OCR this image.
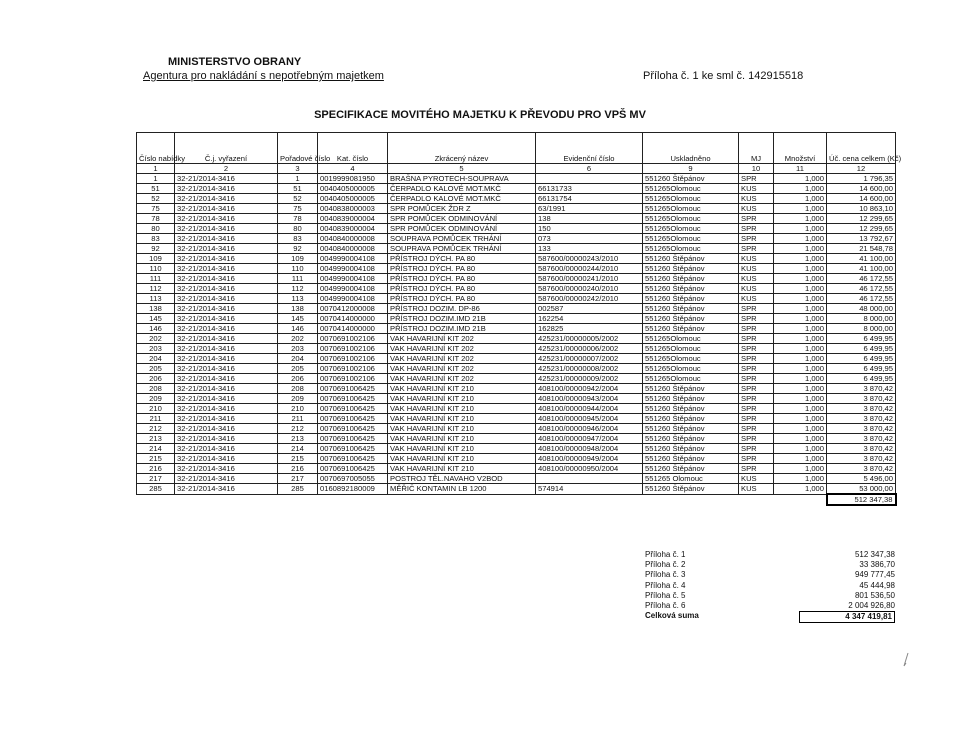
MINISTERSTVO OBRANY
Agentura pro nakládání s nepotřebným majetkem	Příloha č. 1 ke sml č. 142915518
SPECIFIKACE MOVITÉHO MAJETKU K PŘEVODU PRO VPŠ MV
Číslo nabídky	Č.j. vyřazení	Pořadové číslo	Kat. číslo	Zkrácený název	Evidenční číslo	Uskladněno	MJ	Množství	Úč. cena celkem (Kč)
1	2	3	4	5	6	9	10	11	12
1	32-21/2014-3416	1	0019999081950	BRAŠNA PYROTECH-SOUPRAVA		551260 Štěpánov	SPR	1,000	1 796,35
51	32-21/2014-3416	51	0040405000005	ČERPADLO KALOVÉ MOT.MKČ	66131733	551265Olomouc	KUS	1,000	14 600,00
52	32-21/2014-3416	52	0040405000005	ČERPADLO KALOVÉ MOT.MKČ	66131754	551265Olomouc	KUS	1,000	14 600,00
75	32-21/2014-3416	75	0040838000003	SPR POMŮCEK ŽDR Z	63/1991	551265Olomouc	KUS	1,000	10 863,10
78	32-21/2014-3416	78	0040839000004	SPR POMŮCEK ODMINOVÁNÍ	138	551265Olomouc	SPR	1,000	12 299,65
80	32-21/2014-3416	80	0040839000004	SPR POMŮCEK ODMINOVÁNÍ	150	551265Olomouc	SPR	1,000	12 299,65
83	32-21/2014-3416	83	0040840000008	SOUPRAVA POMŮCEK TRHÁNÍ	073	551265Olomouc	SPR	1,000	13 792,67
92	32-21/2014-3416	92	0040840000008	SOUPRAVA POMŮCEK TRHÁNÍ	133	551265Olomouc	SPR	1,000	21 548,78
109	32-21/2014-3416	109	0049990004108	PŘÍSTROJ DÝCH. PA 80	587600/00000243/2010	551260 Štěpánov	KUS	1,000	41 100,00
110	32-21/2014-3416	110	0049990004108	PŘÍSTROJ DÝCH. PA 80	587600/00000244/2010	551260 Štěpánov	KUS	1,000	41 100,00
111	32-21/2014-3416	111	0049990004108	PŘÍSTROJ DÝCH. PA 80	587600/00000241/2010	551260 Štěpánov	KUS	1,000	46 172,55
112	32-21/2014-3416	112	0049990004108	PŘÍSTROJ DÝCH. PA 80	587600/00000240/2010	551260 Štěpánov	KUS	1,000	46 172,55
113	32-21/2014-3416	113	0049990004108	PŘÍSTROJ DÝCH. PA 80	587600/00000242/2010	551260 Štěpánov	KUS	1,000	46 172,55
138	32-21/2014-3416	138	0070412000008	PŘÍSTROJ DOZIM. DP-86	002587	551260 Štěpánov	SPR	1,000	48 000,00
145	32-21/2014-3416	145	0070414000000	PŘÍSTROJ DOZIM.IMD 21B	162254	551260 Štěpánov	SPR	1,000	8 000,00
146	32-21/2014-3416	146	0070414000000	PŘÍSTROJ DOZIM.IMD 21B	162825	551260 Štěpánov	SPR	1,000	8 000,00
202	32-21/2014-3416	202	0070691002106	VAK HAVARIJNÍ KIT 202	425231/00000005/2002	551265Olomouc	SPR	1,000	6 499,95
203	32-21/2014-3416	203	0070691002106	VAK HAVARIJNÍ KIT 202	425231/00000006/2002	551265Olomouc	SPR	1,000	6 499,95
204	32-21/2014-3416	204	0070691002106	VAK HAVARIJNÍ KIT 202	425231/00000007/2002	551265Olomouc	SPR	1,000	6 499,95
205	32-21/2014-3416	205	0070691002106	VAK HAVARIJNÍ KIT 202	425231/00000008/2002	551265Olomouc	SPR	1,000	6 499,95
206	32-21/2014-3416	206	0070691002106	VAK HAVARIJNÍ KIT 202	425231/00000009/2002	551265Olomouc	SPR	1,000	6 499,95
208	32-21/2014-3416	208	0070691006425	VAK HAVARIJNÍ KIT 210	408100/00000942/2004	551260 Štěpánov	SPR	1,000	3 870,42
209	32-21/2014-3416	209	0070691006425	VAK HAVARIJNÍ KIT 210	408100/00000943/2004	551260 Štěpánov	SPR	1,000	3 870,42
210	32-21/2014-3416	210	0070691006425	VAK HAVARIJNÍ KIT 210	408100/00000944/2004	551260 Štěpánov	SPR	1,000	3 870,42
211	32-21/2014-3416	211	0070691006425	VAK HAVARIJNÍ KIT 210	408100/00000945/2004	551260 Štěpánov	SPR	1,000	3 870,42
212	32-21/2014-3416	212	0070691006425	VAK HAVARIJNÍ KIT 210	408100/00000946/2004	551260 Štěpánov	SPR	1,000	3 870,42
213	32-21/2014-3416	213	0070691006425	VAK HAVARIJNÍ KIT 210	408100/00000947/2004	551260 Štěpánov	SPR	1,000	3 870,42
214	32-21/2014-3416	214	0070691006425	VAK HAVARIJNÍ KIT 210	408100/00000948/2004	551260 Štěpánov	SPR	1,000	3 870,42
215	32-21/2014-3416	215	0070691006425	VAK HAVARIJNÍ KIT 210	408100/00000949/2004	551260 Štěpánov	SPR	1,000	3 870,42
216	32-21/2014-3416	216	0070691006425	VAK HAVARIJNÍ KIT 210	408100/00000950/2004	551260 Štěpánov	SPR	1,000	3 870,42
217	32-21/2014-3416	217	0070697005055	POSTROJ TĚL.NAVAHO V2BOD		551265 Olomouc	KUS	1,000	5 496,00
285	32-21/2014-3416	285	0160892180009	MĚŘIČ KONTAMIN LB 1200	574914	551260 Štěpánov	KUS	1,000	53 000,00
									512 347,38
Příloha č. 1	512 347,38
Příloha č. 2	33 386,70
Příloha č. 3	949 777,45
Příloha č. 4	45 444,98
Příloha č. 5	801 536,50
Příloha č. 6	2 004 926,80
Celková suma	4 347 419,81
